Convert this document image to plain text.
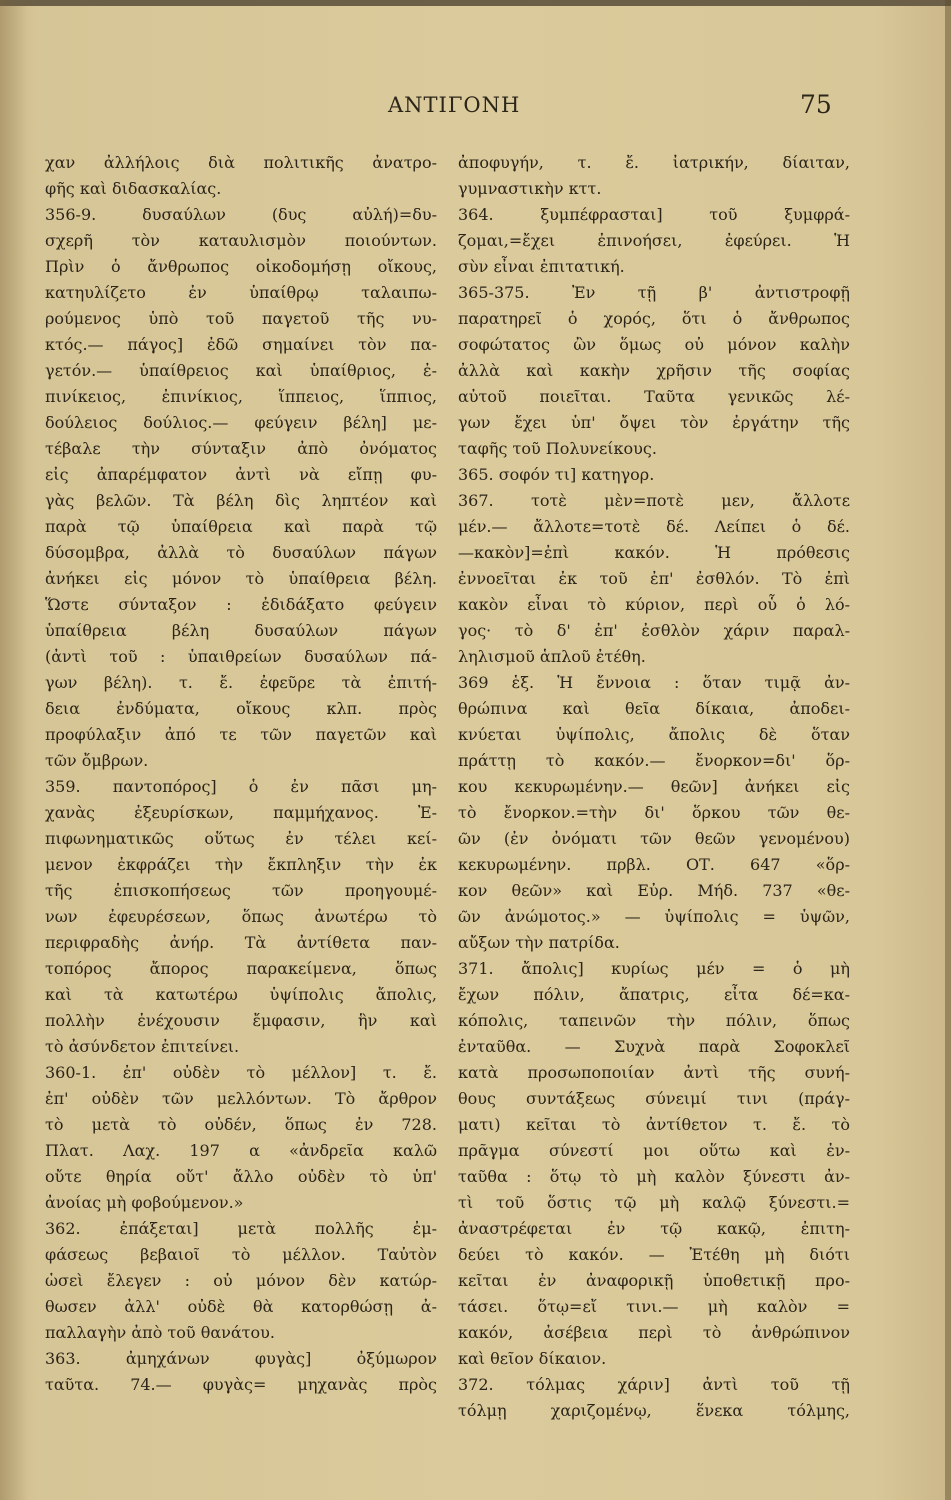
ΑΝΤΙΓΟΝΗ	75
χαν ἀλλήλοις διὰ πολιτικῆς ἀνατρο-
φῆς καὶ διδασκαλίας.
356-9. δυσαύλων (δυς αὐλή)=δυ-
σχερῆ τὸν καταυλισμὸν ποιούντων.
Πρὶν ὁ ἄνθρωπος οἰκοδομήσῃ οἴκους,
κατηυλίζετο ἐν ὑπαίθρῳ ταλαιπω-
ρούμενος ὑπὸ τοῦ παγετοῦ τῆς νυ-
κτός.— πάγος] ἐδῶ σημαίνει τὸν πα-
γετόν.— ὑπαίθρειος καὶ ὑπαίθριος, ἐ-
πινίκειος, ἐπινίκιος, ἵππειος, ἵππιος,
δούλειος δούλιος.— φεύγειν βέλη] με-
τέβαλε τὴν σύνταξιν ἀπὸ ὀνόματος
εἰς ἀπαρέμφατον ἀντὶ νὰ εἴπῃ φυ-
γὰς βελῶν. Τὰ βέλη δὶς ληπτέον καὶ
παρὰ τῷ ὑπαίθρεια καὶ παρὰ τῷ
δύσομβρα, ἀλλὰ τὸ δυσαύλων πάγων
ἀνήκει εἰς μόνον τὸ ὑπαίθρεια βέλη.
Ὥστε σύνταξον : ἐδιδάξατο φεύγειν
ὑπαίθρεια βέλη δυσαύλων πάγων
(ἀντὶ τοῦ : ὑπαιθρείων δυσαύλων πά-
γων βέλη). τ. ἔ. ἐφεῦρε τὰ ἐπιτή-
δεια ἐνδύματα, οἴκους κλπ. πρὸς
προφύλαξιν ἀπό τε τῶν παγετῶν καὶ
τῶν ὄμβρων.
359. παντοπόρος] ὁ ἐν πᾶσι μη-
χανὰς ἐξευρίσκων, παμμήχανος. Ἐ-
πιφωνηματικῶς οὕτως ἐν τέλει κεί-
μενον ἐκφράζει τὴν ἔκπληξιν τὴν ἐκ
τῆς ἐπισκοπήσεως τῶν προηγουμέ-
νων ἐφευρέσεων, ὅπως ἀνωτέρω τὸ
περιφραδὴς ἀνήρ. Τὰ ἀντίθετα παν-
τοπόρος ἄπορος παρακείμενα, ὅπως
καὶ τὰ κατωτέρω ὑψίπολις ἄπολις,
πολλὴν ἐνέχουσιν ἔμφασιν, ἣν καὶ
τὸ ἀσύνδετον ἐπιτείνει.
360-1. ἐπ' οὐδὲν τὸ μέλλον] τ. ἔ.
ἐπ' οὐδὲν τῶν μελλόντων. Τὸ ἄρθρον
τὸ μετὰ τὸ οὐδέν, ὅπως ἐν 728.
Πλατ. Λαχ. 197 α «ἀνδρεῖα καλῶ
οὔτε θηρία οὔτ' ἄλλο οὐδὲν τὸ ὑπ'
ἀνοίας μὴ φοβούμενον.»
362. ἐπάξεται] μετὰ πολλῆς ἐμ-
φάσεως βεβαιοῖ τὸ μέλλον. Ταὐτὸν
ὡσεὶ ἔλεγεν : οὐ μόνον δὲν κατώρ-
θωσεν ἀλλ' οὐδὲ θὰ κατορθώσῃ ἀ-
παλλαγὴν ἀπὸ τοῦ θανάτου.
363. ἀμηχάνων φυγὰς] ὀξύμωρον
ταῦτα. 74.— φυγὰς= μηχανὰς πρὸς
ἀποφυγήν, τ. ἔ. ἰατρικήν, δίαιταν,
γυμναστικὴν κττ.
364. ξυμπέφρασται] τοῦ ξυμφρά-
ζομαι,=ἔχει ἐπινοήσει, ἐφεύρει. Ἡ
σὺν εἶναι ἐπιτατική.
365-375. Ἐν τῇ β' ἀντιστροφῇ
παρατηρεῖ ὁ χορός, ὅτι ὁ ἄνθρωπος
σοφώτατος ὢν ὅμως οὐ μόνον καλὴν
ἀλλὰ καὶ κακὴν χρῆσιν τῆς σοφίας
αὐτοῦ ποιεῖται. Ταῦτα γενικῶς λέ-
γων ἔχει ὑπ' ὄψει τὸν ἐργάτην τῆς
ταφῆς τοῦ Πολυνείκους.
365. σοφόν τι] κατηγορ.
367. τοτὲ μὲν=ποτὲ μεν, ἄλλοτε
μέν.— ἄλλοτε=τοτὲ δέ. Λείπει ὁ δέ.
—κακὸν]=ἐπὶ κακόν. Ἡ πρόθεσις
ἐννοεῖται ἐκ τοῦ ἐπ' ἐσθλόν. Τὸ ἐπὶ
κακὸν εἶναι τὸ κύριον, περὶ οὗ ὁ λό-
γος· τὸ δ' ἐπ' ἐσθλὸν χάριν παραλ-
ληλισμοῦ ἁπλοῦ ἐτέθη.
369 ἑξ. Ἡ ἔννοια : ὅταν τιμᾷ ἀν-
θρώπινα καὶ θεῖα δίκαια, ἀποδει-
κνύεται ὑψίπολις, ἄπολις δὲ ὅταν
πράττῃ τὸ κακόν.— ἔνορκον=δι' ὅρ-
κου κεκυρωμένην.— θεῶν] ἀνήκει εἰς
τὸ ἔνορκον.=τὴν δι' ὅρκου τῶν θε-
ῶν (ἐν ὀνόματι τῶν θεῶν γενομένου)
κεκυρωμένην. πρβλ. ΟΤ. 647 «ὅρ-
κον θεῶν» καὶ Εὐρ. Μήδ. 737 «θε-
ῶν ἀνώμοτος.» — ὑψίπολις = ὑψῶν,
αὔξων τὴν πατρίδα.
371. ἄπολις] κυρίως μέν = ὁ μὴ
ἔχων πόλιν, ἄπατρις, εἶτα δέ=κα-
κόπολις, ταπεινῶν τὴν πόλιν, ὅπως
ἐνταῦθα. — Συχνὰ παρὰ Σοφοκλεῖ
κατὰ προσωποποιίαν ἀντὶ τῆς συνή-
θους συντάξεως σύνειμί τινι (πράγ-
ματι) κεῖται τὸ ἀντίθετον τ. ἔ. τὸ
πρᾶγμα σύνεστί μοι οὕτω καὶ ἐν-
ταῦθα : ὅτῳ τὸ μὴ καλὸν ξύνεστι ἀν-
τὶ τοῦ ὅστις τῷ μὴ καλῷ ξύνεστι.=
ἀναστρέφεται ἐν τῷ κακῷ, ἐπιτη-
δεύει τὸ κακόν. — Ἐτέθη μὴ διότι
κεῖται ἐν ἀναφορικῇ ὑποθετικῇ προ-
τάσει. ὅτῳ=εἴ τινι.— μὴ καλὸν =
κακόν, ἀσέβεια περὶ τὸ ἀνθρώπινον
καὶ θεῖον δίκαιον.
372. τόλμας χάριν] ἀντὶ τοῦ τῇ
τόλμῃ χαριζομένῳ, ἕνεκα τόλμης,
